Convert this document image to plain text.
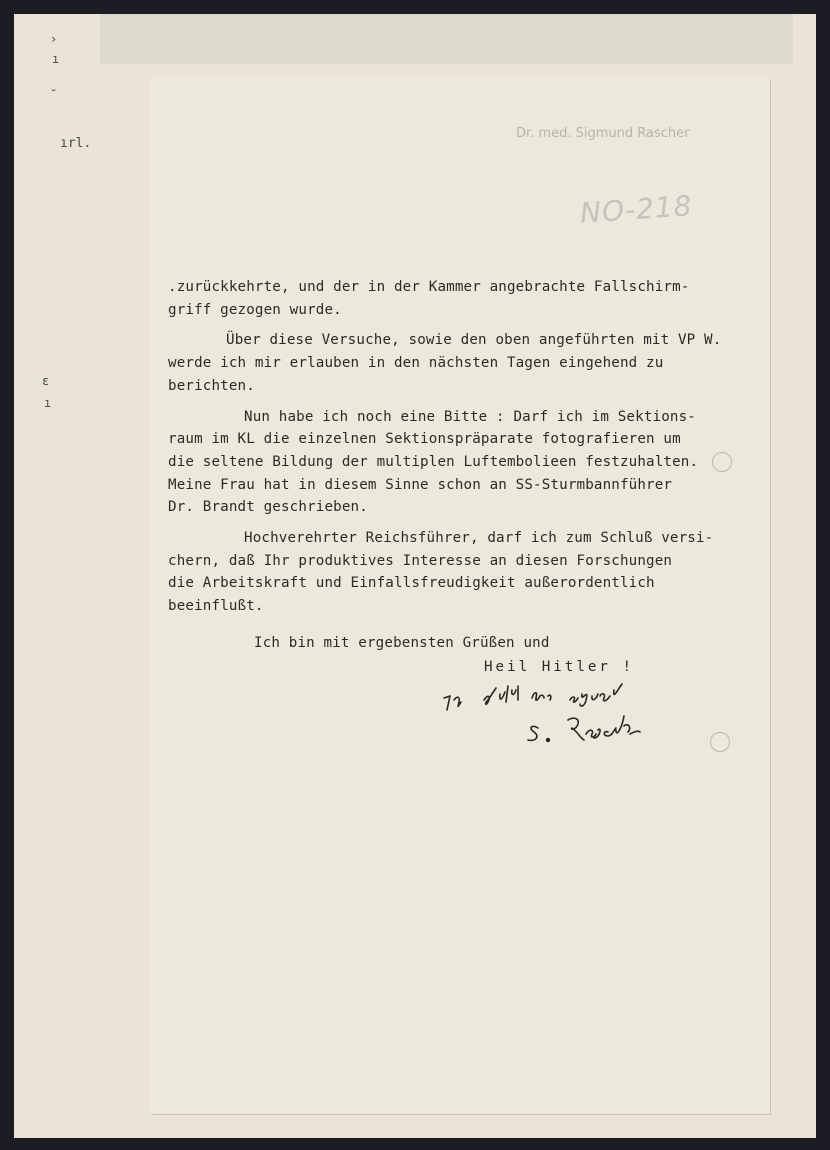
›
ı
˘
ırl.
ɛ
ı
Dr. med. Sigmund Rascher
NO-218

.zurückkehrte, und der in der Kammer angebrachte Fallschirm-

griff gezogen wurde.

Über diese Versuche, sowie den oben angeführten mit VP W.

werde ich mir erlauben in den nächsten Tagen eingehend zu

berichten.

Nun habe ich noch eine Bitte : Darf ich im Sektions-

raum im KL die einzelnen Sektionspräparate fotografieren um

die seltene Bildung der multiplen Luftembolieen festzuhalten.

Meine Frau hat in diesem Sinne schon an SS-Sturmbannführer

Dr. Brandt geschrieben.

Hochverehrter Reichsführer, darf ich zum Schluß versi-

chern, daß Ihr produktives Interesse an diesen Forschungen

die Arbeitskraft und Einfallsfreudigkeit außerordentlich

beeinflußt.

Ich bin mit ergebensten Grüßen und

Heil Hitler !
